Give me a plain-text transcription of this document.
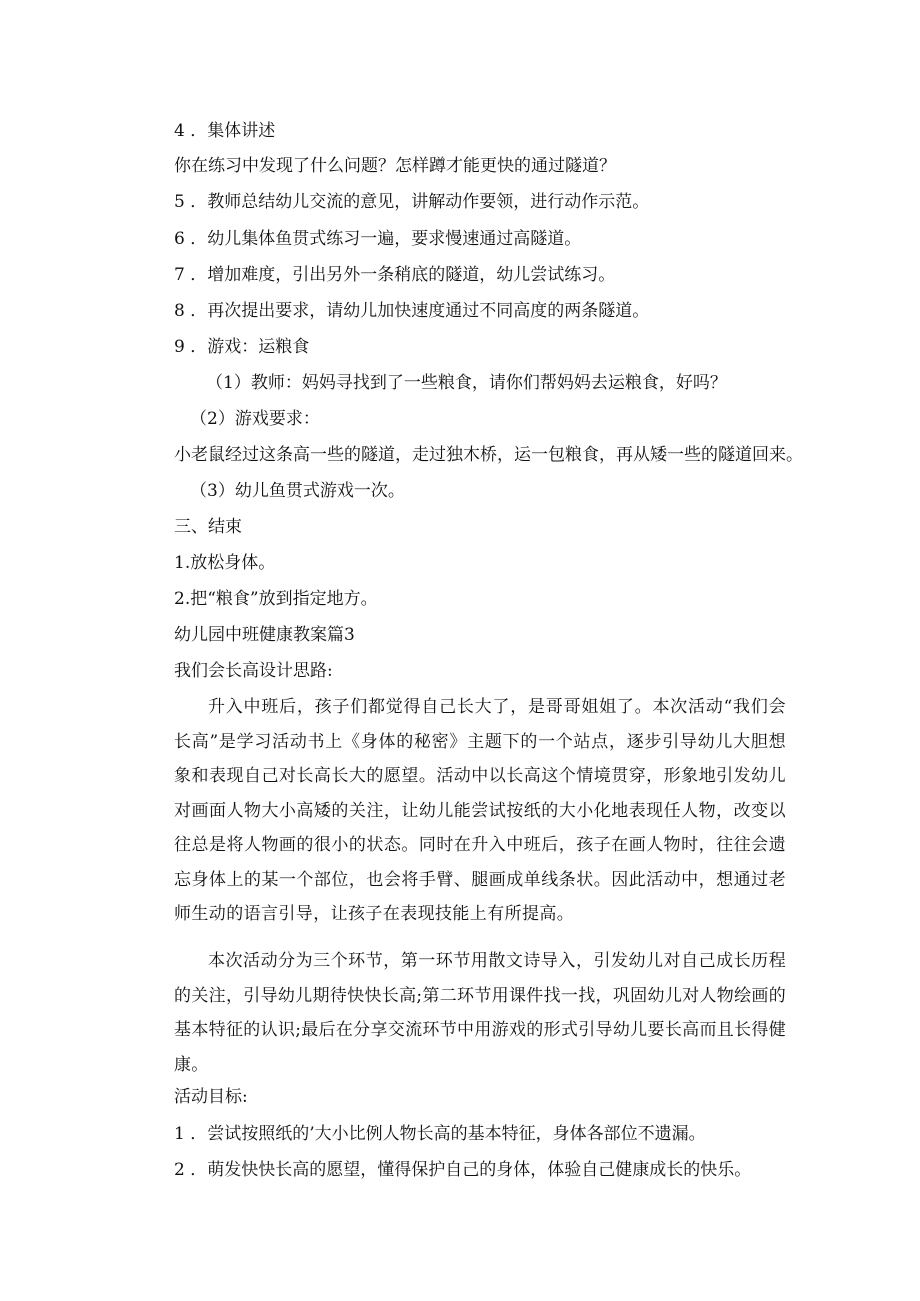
4 ．集体讲述
你在练习中发现了什么问题？怎样蹲才能更快的通过隧道？
5 ．教师总结幼儿交流的意见，讲解动作要领，进行动作示范。
6 ．幼儿集体鱼贯式练习一遍，要求慢速通过高隧道。
7 ．增加难度，引出另外一条稍底的隧道，幼儿尝试练习。
8 ．再次提出要求，请幼儿加快速度通过不同高度的两条隧道。
9 ．游戏：运粮食
（1）教师：妈妈寻找到了一些粮食，请你们帮妈妈去运粮食，好吗？
（2）游戏要求：
小老鼠经过这条高一些的隧道，走过独木桥，运一包粮食，再从矮一些的隧道回来。
（3）幼儿鱼贯式游戏一次。
三、结束
1.放松身体。
2.把“粮食”放到指定地方。
幼儿园中班健康教案篇3
我们会长高设计思路:
升入中班后，孩子们都觉得自己长大了，是哥哥姐姐了。本次活动“我们会长高”是学习活动书上《身体的秘密》主题下的一个站点，逐步引导幼儿大胆想象和表现自己对长高长大的愿望。活动中以长高这个情境贯穿，形象地引发幼儿对画面人物大小高矮的关注，让幼儿能尝试按纸的大小化地表现任人物，改变以往总是将人物画的很小的状态。同时在升入中班后，孩子在画人物时，往往会遗忘身体上的某一个部位，也会将手臂、腿画成单线条状。因此活动中，想通过老师生动的语言引导，让孩子在表现技能上有所提高。
本次活动分为三个环节，第一环节用散文诗导入，引发幼儿对自己成长历程的关注，引导幼儿期待快快长高;第二环节用课件找一找，巩固幼儿对人物绘画的基本特征的认识;最后在分享交流环节中用游戏的形式引导幼儿要长高而且长得健康。
活动目标:
1 ．尝试按照纸的’大小比例人物长高的基本特征，身体各部位不遗漏。
2 ．萌发快快长高的愿望，懂得保护自己的身体，体验自己健康成长的快乐。
